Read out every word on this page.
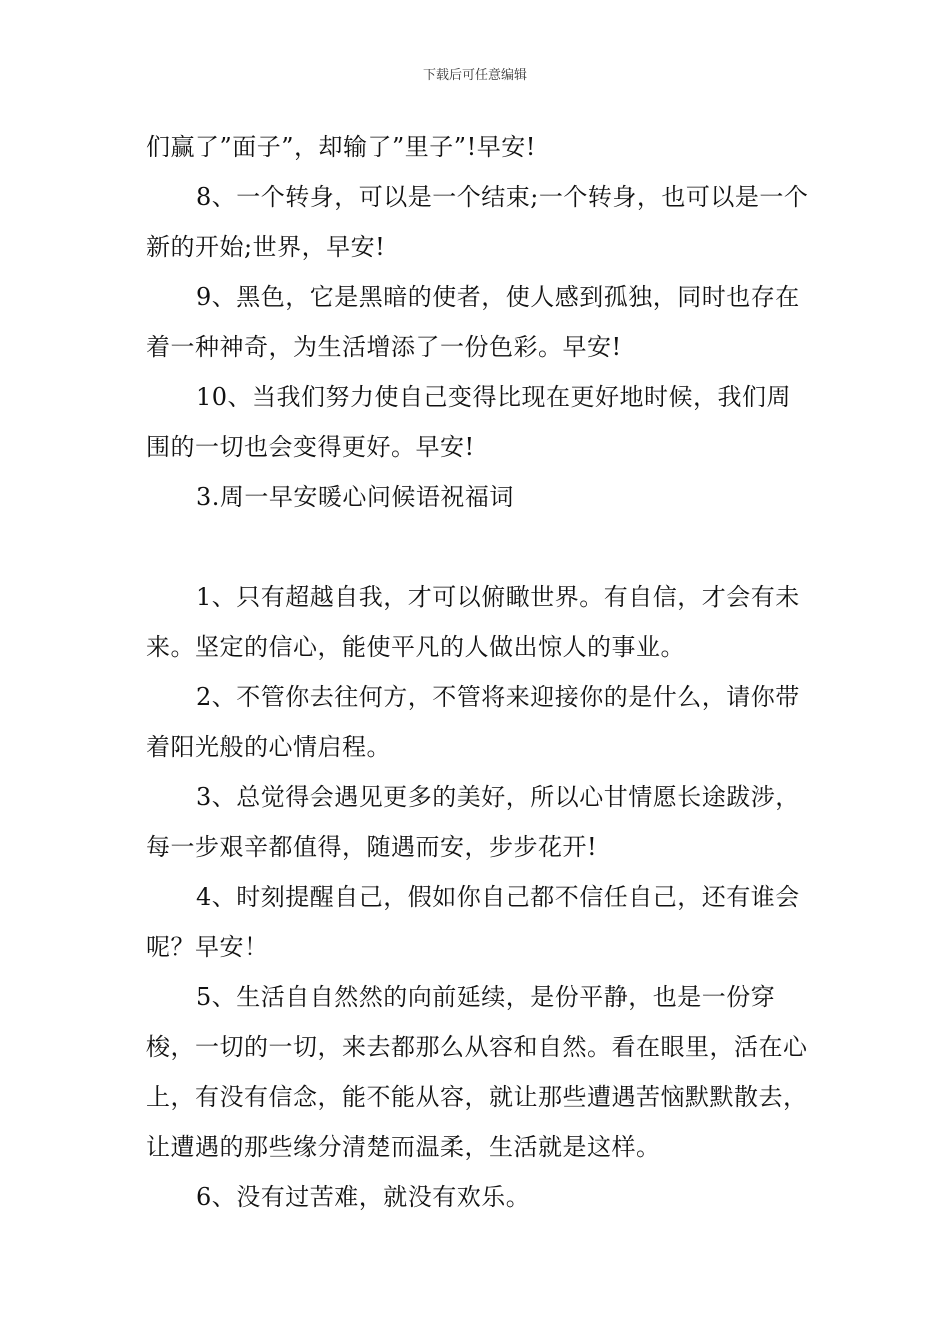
下载后可任意编辑

们赢了”面子”，却输了”里子”!早安!

8、一个转身，可以是一个结束;一个转身，也可以是一个新的开始;世界，早安!

9、黑色，它是黑暗的使者，使人感到孤独，同时也存在着一种神奇，为生活增添了一份色彩。早安!

10、当我们努力使自己变得比现在更好地时候，我们周围的一切也会变得更好。早安!

3.周一早安暖心问候语祝福词

1、只有超越自我，才可以俯瞰世界。有自信，才会有未来。坚定的信心，能使平凡的人做出惊人的事业。

2、不管你去往何方，不管将来迎接你的是什么，请你带着阳光般的心情启程。

3、总觉得会遇见更多的美好，所以心甘情愿长途跋涉，每一步艰辛都值得，随遇而安，步步花开!

4、时刻提醒自己，假如你自己都不信任自己，还有谁会呢？早安！

5、生活自自然然的向前延续，是份平静，也是一份穿梭，一切的一切，来去都那么从容和自然。看在眼里，活在心上，有没有信念，能不能从容，就让那些遭遇苦恼默默散去，让遭遇的那些缘分清楚而温柔，生活就是这样。

6、没有过苦难，就没有欢乐。
